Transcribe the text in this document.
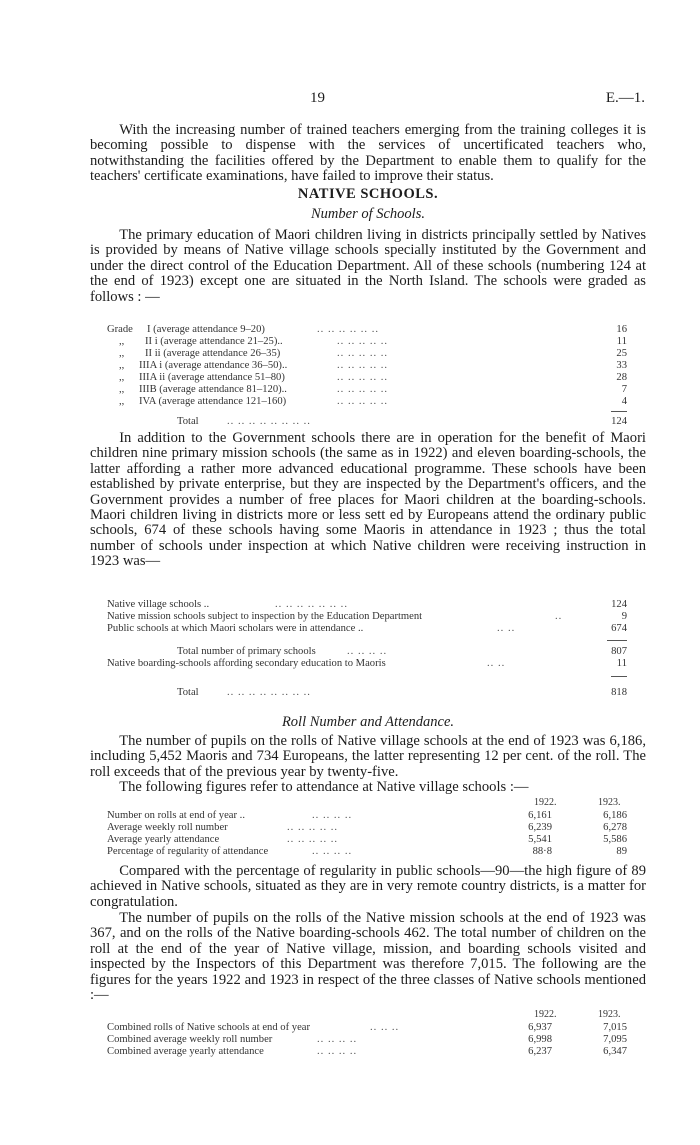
19	E.—1.

With the increasing number of trained teachers emerging from the training colleges it is becoming possible to dispense with the services of uncertificated teachers who, notwithstanding the facilities offered by the Department to enable them to qualify for the teachers' certificate examinations, have failed to improve their status.

NATIVE SCHOOLS.

Number of Schools.

The primary education of Maori children living in districts principally settled by Natives is provided by means of Native village schools specially instituted by the Government and under the direct control of the Education Department. All of these schools (numbering 124 at the end of 1923) except one are situated in the North Island. The schools were graded as follows : —

Grade I (average attendance 9–20)	.. .. .. .. .. ..	16
,, II i (average attendance 21–25)..	.. .. .. .. ..	11
,, II ii (average attendance 26–35)	.. .. .. .. ..	25
,, IIIA i (average attendance 36–50)..	.. .. .. .. ..	33
,, IIIA ii (average attendance 51–80)	.. .. .. .. ..	28
,, IIIB (average attendance 81–120)..	.. .. .. .. ..	7
,, IVA (average attendance 121–160)	.. .. .. .. ..	4
Total	.. .. .. .. .. .. .. ..	124

In addition to the Government schools there are in operation for the benefit of Maori children nine primary mission schools (the same as in 1922) and eleven boarding-schools, the latter affording a rather more advanced educational programme. These schools have been established by private enterprise, but they are inspected by the Department's officers, and the Government provides a number of free places for Maori children at the boarding-schools. Maori children living in districts more or less sett ed by Europeans attend the ordinary public schools, 674 of these schools having some Maoris in attendance in 1923 ; thus the total number of schools under inspection at which Native children were receiving instruction in 1923 was—

Native village schools ..	.. .. .. .. .. .. ..	124
Native mission schools subject to inspection by the Education Department	..	9
Public schools at which Maori scholars were in attendance ..	.. ..	674
Total number of primary schools	.. .. .. ..	807
Native boarding-schools affording secondary education to Maoris	.. ..	11
Total	.. .. .. .. .. .. .. ..	818

Roll Number and Attendance.

The number of pupils on the rolls of Native village schools at the end of 1923 was 6,186, including 5,452 Maoris and 734 Europeans, the latter representing 12 per cent. of the roll. The roll exceeds that of the previous year by twenty-five.

The following figures refer to attendance at Native village schools :—

1922.	1923.
Number on rolls at end of year ..	.. .. .. ..	6,161	6,186
Average weekly roll number	.. .. .. .. ..	6,239	6,278
Average yearly attendance	.. .. .. .. ..	5,541	5,586
Percentage of regularity of attendance	.. .. .. ..	88·8	89

Compared with the percentage of regularity in public schools—90—the high figure of 89 achieved in Native schools, situated as they are in very remote country districts, is a matter for congratulation.

The number of pupils on the rolls of the Native mission schools at the end of 1923 was 367, and on the rolls of the Native boarding-schools 462. The total number of children on the roll at the end of the year of Native village, mission, and boarding schools visited and inspected by the Inspectors of this Department was therefore 7,015. The following are the figures for the years 1922 and 1923 in respect of the three classes of Native schools mentioned :—

1922.	1923.
Combined rolls of Native schools at end of year	.. .. ..	6,937	7,015
Combined average weekly roll number	.. .. .. ..	6,998	7,095
Combined average yearly attendance	.. .. .. ..	6,237	6,347
